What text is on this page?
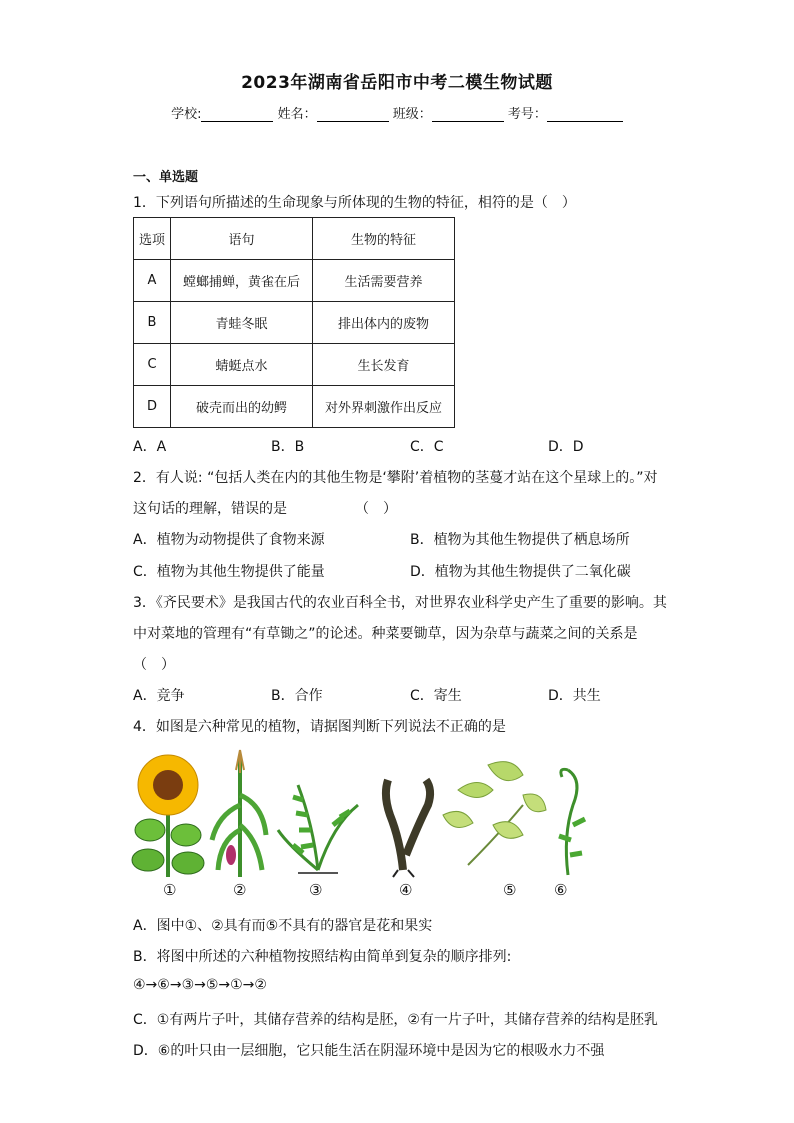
2023年湖南省岳阳市中考二模生物试题
学校:	姓名：	班级：	考号：
一、单选题
1．下列语句所描述的生命现象与所体现的生物的特征，相符的是（　）
选项	语句	生物的特征
A	螳螂捕蝉，黄雀在后	生活需要营养
B	青蛙冬眠	排出体内的废物
C	蜻蜓点水	生长发育
D	破壳而出的幼鳄	对外界刺激作出反应
A．A	B．B	C．C	D．D
2．有人说: “包括人类在内的其他生物是‘攀附’着植物的茎蔓才站在这个星球上的。”对
这句话的理解，错误的是	（　）
A．植物为动物提供了食物来源	B．植物为其他生物提供了栖息场所
C．植物为其他生物提供了能量	D．植物为其他生物提供了二氧化碳
3．《齐民要术》是我国古代的农业百科全书，对世界农业科学史产生了重要的影响。其
中对菜地的管理有“有草锄之”的论述。种菜要锄草，因为杂草与蔬菜之间的关系是
（　）
A．竞争	B．合作	C．寄生	D．共生
4．如图是六种常见的植物，请据图判断下列说法不正确的是
①	②	③	④	⑤	⑥
A．图中①、②具有而⑤不具有的器官是花和果实
B．将图中所述的六种植物按照结构由简单到复杂的顺序排列:
④→⑥→③→⑤→①→②
C．①有两片子叶，其储存营养的结构是胚，②有一片子叶，其储存营养的结构是胚乳
D．⑥的叶只由一层细胞，它只能生活在阴湿环境中是因为它的根吸水力不强
